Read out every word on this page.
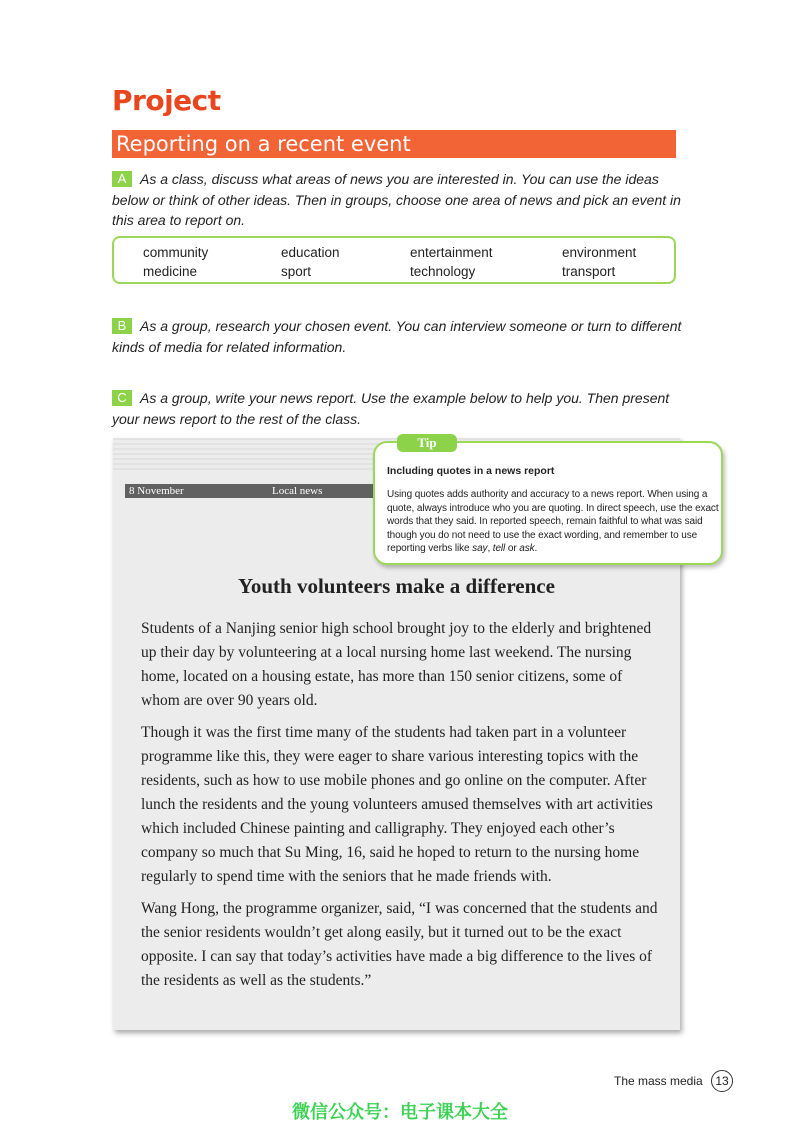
Project
Reporting on a recent event
A As a class, discuss what areas of news you are interested in. You can use the ideas below or think of other ideas. Then in groups, choose one area of news and pick an event in this area to report on.
community	education	entertainment	environment
medicine	sport	technology	transport
B As a group, research your chosen event. You can interview someone or turn to different kinds of media for related information.
C As a group, write your news report. Use the example below to help you. Then present your news report to the rest of the class.
8 November	Local news
Tip
Including quotes in a news report
Using quotes adds authority and accuracy to a news report. When using a quote, always introduce who you are quoting. In direct speech, use the exact words that they said. In reported speech, remain faithful to what was said though you do not need to use the exact wording, and remember to use reporting verbs like say, tell or ask.
Youth volunteers make a difference

Students of a Nanjing senior high school brought joy to the elderly and brightened up their day by volunteering at a local nursing home last weekend. The nursing home, located on a housing estate, has more than 150 senior citizens, some of whom are over 90 years old.

Though it was the first time many of the students had taken part in a volunteer programme like this, they were eager to share various interesting topics with the residents, such as how to use mobile phones and go online on the computer. After lunch the residents and the young volunteers amused themselves with art activities which included Chinese painting and calligraphy. They enjoyed each other’s company so much that Su Ming, 16, said he hoped to return to the nursing home regularly to spend time with the seniors that he made friends with.

Wang Hong, the programme organizer, said, “I was concerned that the students and the senior residents wouldn’t get along easily, but it turned out to be the exact opposite. I can say that today’s activities have made a big difference to the lives of the residents as well as the students.”

The mass media	13
微信公众号：电子课本大全
